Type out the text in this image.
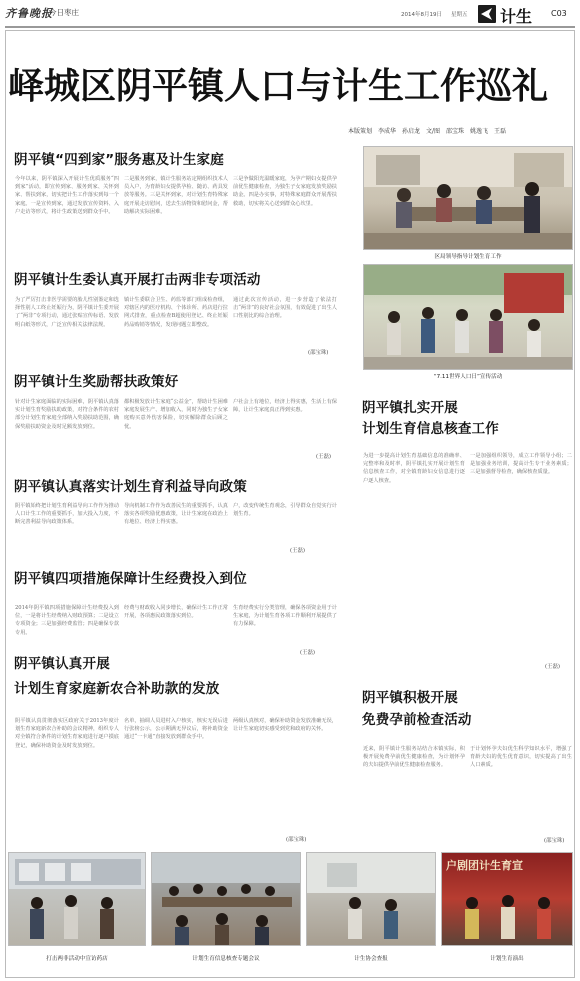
齐鲁晚报
今日枣庄	2014年8月19日 星期五 计生 C03
峄城区阴平镇人口与计生工作巡礼
本版策划　李成华　孙启龙　文/图　邵宝珠　姚逸飞　王磊
阴平镇“四到家”服务惠及计生家庭
今年以来，阴平镇深入开展计生优质服务“四到家”活动，即宣传到家、服务到家、关怀到家、帮扶到家，切实把计生工作落实到每一个家庭。一是宣传到家，通过发放宣传资料、入户走访等形式，将计生政策送到群众手中。
二是服务到家，镇计生服务站定期组织技术人员入户，为育龄妇女提供孕检、随访、药具发放等服务。三是关怀到家，对计划生育特殊家庭开展走访慰问，送去生活物资和慰问金，帮助解决实际困难。
三是争做阳光温暖家庭，为孕产期妇女提供孕前优生健康检查，为独生子女家庭发放奖励扶助金。四是办实事，对特殊家庭群众开展帮扶救助，切实将关心送到群众心坎里。
阴平镇计生委认真开展打击两非专项活动
为了严厉打击非医学需要的胎儿性别鉴定和选择性别人工终止妊娠行为，阴平镇计生委开展了“两非”专项行动，通过张贴宣传标语、发放明白纸等形式，广泛宣传相关法律法规。
镇计生委联合卫生、药监等部门组成检查组，对辖区内的医疗机构、个体诊所、药店进行拉网式排查，重点检查B超使用登记、终止妊娠药品购销等情况，发现问题立即整改。
通过此次宣传活动，进一步营造了依法打击“两非”的良好社会氛围，有效促进了出生人口性别比的综合治理。
(邵宝珠)
阴平镇计生奖励帮扶政策好
针对计生家庭面临的实际困难，阴平镇认真落实计划生育奖励扶助政策，对符合条件的农村部分计划生育家庭全部纳入奖励扶助范围，确保奖励扶助资金及时足额发放到位。
都积极发放计生家庭“公益金”，帮助计生困难家庭发展生产、增加收入，同时为独生子女家庭购买意外伤害保险，切实解除群众后顾之忧。
户社会上有地位，经济上得实惠，生活上有保障，让计生家庭真正得到实惠。
(王磊)
阴平镇认真落实计划生育利益导向政策
阴平镇始终把计划生育利益导向工作作为推动人口计生工作的重要抓手，加大投入力度，不断完善利益导向政策体系。
导向机制工作作为改善民生的重要抓手，认真落实各项奖励优惠政策，让计生家庭在政治上有地位、经济上得实惠。
户，改变传统生育观念，引导群众自觉实行计划生育。
(王磊)
阴平镇四项措施保障计生经费投入到位
2014年阴平镇四项措施保障计生经费投入到位，一是将计生经费纳入财政预算；二是设立专项资金；三是加强经费监管；四是确保专款专用。
经费与财政收入同步增长，确保计生工作正常开展，各项惠民政策落实到位。
生育经费实行分类管理，确保各项资金用于计生家庭，为计划生育各项工作顺利开展提供了有力保障。
(王磊)
阴平镇认真开展
计划生育家庭新农合补助款的发放
阴平镇认真贯彻落实区政府关于2013年度计划生育家庭新农合补助的会议精神，组织专人对全镇符合条件的计划生育家庭进行逐户摸底登记，确保补助资金及时发放到位。
名单，抽调人员进村入户核实，核实无误后进行张榜公示，公示期满无异议后，将补助资金通过“一卡通”直接发放到群众手中。
两级认真核对，确保补助资金发放准确无误，让计生家庭切实感受到党和政府的关怀。
(邵宝珠)
区局领导指导计划生育工作
“7.11世界人口日”宣传活动
阴平镇扎实开展
计划生育信息核查工作
为进一步提高计划生育基础信息的准确率、完整率和及时率，阴平镇扎实开展计划生育信息核查工作，对全镇育龄妇女信息进行逐户逐人核查。
一是加强组织领导，成立工作领导小组；二是加强业务培训，提高计生专干业务素质；三是加强督导检查，确保核查质量。
(王磊)
阴平镇积极开展
免费孕前检查活动
近来，阴平镇计生服务站结合本镇实际，积极开展免费孕前优生健康检查，为计划怀孕的夫妇提供孕前优生健康检查服务。
于计划怀孕夫妇优生科学知识水平，增强了育龄夫妇的优生优育意识，切实提高了出生人口素质。
(邵宝珠)
户剧团计生育宣
打击两非活动中宣访药店	计划生育信息核查专题会议	计生协会查报	计划生育演出
